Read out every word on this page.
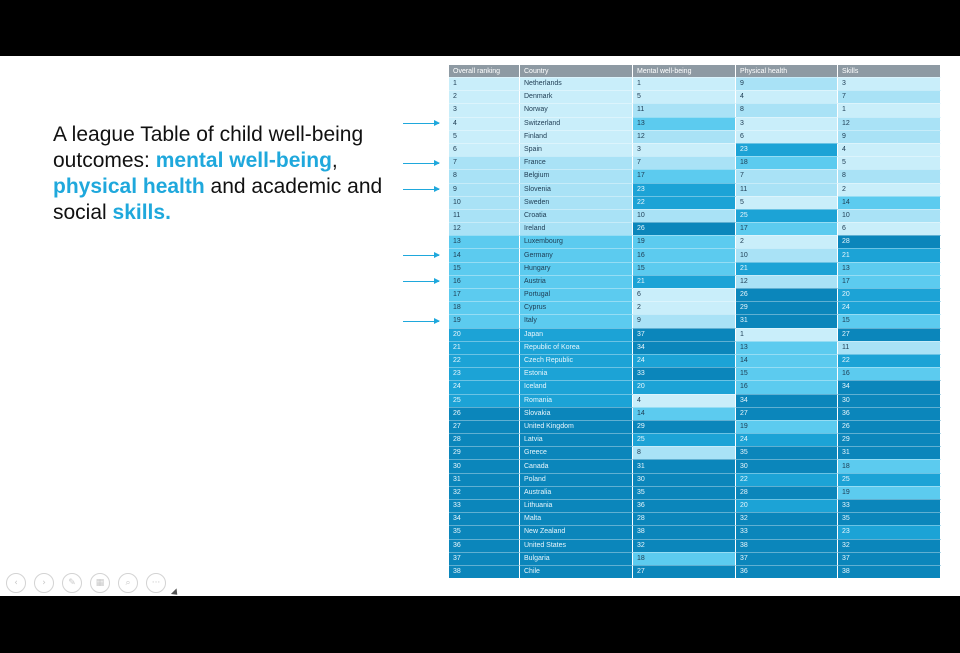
A league Table of child well-being outcomes: mental well-being, physical health and academic and social skills.
Overall ranking	Country	Mental well-being	Physical health	Skills
1	Netherlands	1	9	3
2	Denmark	5	4	7
3	Norway	11	8	1
4	Switzerland	13	3	12
5	Finland	12	6	9
6	Spain	3	23	4
7	France	7	18	5
8	Belgium	17	7	8
9	Slovenia	23	11	2
10	Sweden	22	5	14
11	Croatia	10	25	10
12	Ireland	26	17	6
13	Luxembourg	19	2	28
14	Germany	16	10	21
15	Hungary	15	21	13
16	Austria	21	12	17
17	Portugal	6	26	20
18	Cyprus	2	29	24
19	Italy	9	31	15
20	Japan	37	1	27
21	Republic of Korea	34	13	11
22	Czech Republic	24	14	22
23	Estonia	33	15	16
24	Iceland	20	16	34
25	Romania	4	34	30
26	Slovakia	14	27	36
27	United Kingdom	29	19	26
28	Latvia	25	24	29
29	Greece	8	35	31
30	Canada	31	30	18
31	Poland	30	22	25
32	Australia	35	28	19
33	Lithuania	36	20	33
34	Malta	28	32	35
35	New Zealand	38	33	23
36	United States	32	38	32
37	Bulgaria	18	37	37
38	Chile	27	36	38
‹	›	✎	▦	⌕	···
